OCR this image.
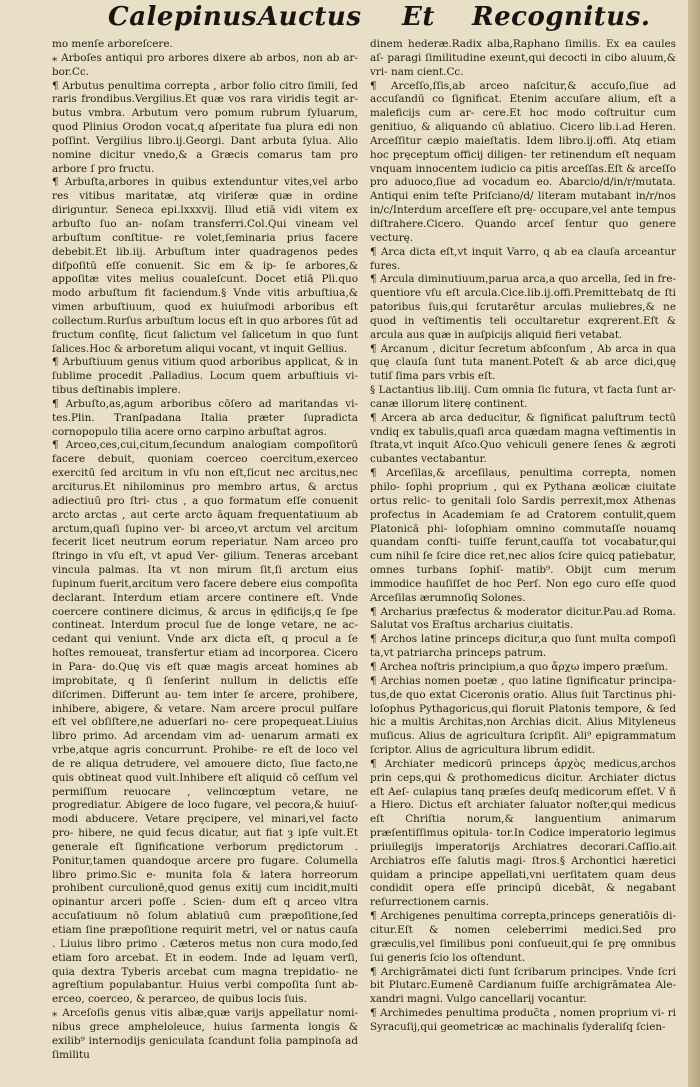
Calepinus Auctus Et Recognitus.

mo menſe arboreſcere.

⁎ Arboſes antiqui pro arbores dixere ab arbos, non ab ar‑ bor.Cc.

¶ Arbutus penultima correpta , arbor folio citro ſimili, ſed raris frondibus.Vergilius.Et quæ vos rara viridis tegit ar‑ butus vmbra. Arbutum vero pomum rubrum ſyluarum, quod Plinius Orodon vocat,q aſperitate fua plura edi non poſſint. Vergilius libro.ij.Georgi. Dant arbuta ſylua. Alio nomine dicitur vnedo,& a Græcis comarus tam pro arbore ſ pro fructu.

¶ Arbuſta,arbores in quibus extenduntur vites,vel arbo res vitibus maritatæ, atq viriſeræ quæ in ordine diriguntur. Seneca epi.lxxxvij. Illud etiā vidi vitem ex arbuſto ſuo an‑ noſam transferri.Col.Qui vineam vel arbuſtum conſtitue‑ re volet,ſeminaria prius facere debebit.Et lib.iij. Arbuſtum inter quadragenos pedes diſpoſitū eſſe conuenit. Sic em & ip‑ ſe arbores,& appoſitæ vites melius coualeſcunt. Docet etiā Pli.quo modo arbuſtum fit faciendum.§ Vnde vitis arbuſtiua,& vimen arbuſtiuum, quod ex huiuſmodi arboribus eſt collectum.Rurſus arbuſtum locus eſt in quo arbores ſūt ad fructum conſitę, ſicut ſalictum vel ſalicetum in quo ſunt ſalices.Hoc & arboretum aliqui vocant, vt inquit Gellius.

¶ Arbuſtiuum genus vitium quod arboribus applicat, & in ſublime procedit .Palladius. Locum quem arbuſtiuis vi‑ tibus deſtinabis implere.

¶ Arbuſto,as,agum arboribus cōſero ad maritandas vi‑ tes.Plin. Tranſpadana Italia præter ſupradicta cornopopulo tilia acere orno carpino arbuſtat agros.

¶ Arceo,ces,cui,citum,ſecundum analogiam compoſitorū facere debuit, quoniam coerceo coercitum,exerceo exercitū ſed arcitum in vſu non eſt,ſicut nec arcitus,nec arciturus.Et nihilominus pro membro artus, & arctus adiectiuū pro ſtri‑ ctus , a quo formatum eſſe conuenit arcto arctas , aut certe arcto āquam frequentatiuum ab arctum,quaſi ſupino ver‑ bi arceo,vt arctum vel arcitum fecerit licet neutrum eorum reperiatur. Nam arceo pro ſtringo in vſu eſt, vt apud Ver‑ gilium. Teneras arcebant vincula palmas. Ita vt non mirum ſit,ſi arctum eius ſupinum fuerit,arcitum vero facere debere eius compoſita declarant. Interdum etiam arcere continere eſt. Vnde coercere continere dicimus, & arcus in ędificijs,q ſe ſpe contineat. Interdum procul ſue de longe vetare, ne ac‑ cedant qui veniunt. Vnde arx dicta eſt, q procul a ſe hoſtes remoueat, transfertur etiam ad incorporea. Cicero in Para‑ do.Quę vis eſt quæ magis arceat homines ab improbitate, q ſi ſenſerint nullum in delictis eſſe diſcrimen. Differunt au‑ tem inter ſe arcere, prohibere, inhibere, abigere, & vetare. Nam arcere procul pulſare eſt vel obſiſtere,ne aduerſari no‑ cere propequeat.Liuius libro primo. Ad arcendam vim ad‑ uenarum armati ex vrbe,atque agris concurrunt. Prohibe‑ re eſt de loco vel de re aliqua detrudere, vel amouere dicto, ſiue facto,ne quis obtineat quod vult.Inhibere eſt aliquid cō ceſſum vel permiſſum reuocare , velincœptum vetare, ne progrediatur. Abigere de loco fugare, vel pecora,& huiuſ‑ modi abducere. Vetare pręcipere, vel minari,vel facto pro‑ hibere, ne quid fecus dicatur, aut fiat ȝ ipſe vult.Et generale eſt ſignificatione verborum prędictorum . Ponitur,tamen quandoque arcere pro fugare. Columella libro primo.Sic e‑ munita fola & latera horreorum prohibent curculionē,quod genus exitij cum incidit,multi opinantur arceri poſſe . Scien‑ dum eſt q arceo vltra accuſatiuum nō ſolum ablatiuū cum præpoſitione,ſed etiam ſine præpoſitione requirit metri, vel or natus cauſa . Liuius libro primo . Cæteros metus non cura modo,ſed etiam foro arcebat. Et in eodem. Inde ad lęuam verſi, quia dextra Tyberis arcebat cum magna trepidatio‑ ne agreſtium populabantur. Huius verbi compoſita ſunt ab‑ erceo, coerceo, & perarceo, de quibus locis ſuis.

⁎ Arceſoſis genus vitis albæ,quæ varijs appellatur nomi‑ nibus grece ampheloleuce, huius ſarmenta longis & exilib⁹ internodijs geniculata ſcandunt folia pampinoſa ad ſimilitu

dinem hederæ.Radix alba,Raphano ſimilis. Ex ea caules aſ‑ paragi ſimilitudine exeunt,qui decocti in cibo aluum,& vri‑ nam cient.Cc.

¶ Arceſſo,ſſis,ab arceo naſcitur,& accuſo,ſiue ad accuſandū co ſignificat. Etenim accuſare alium, eſt a maleficijs cum ar‑ cere.Et hoc modo coſtruitur cum genitiuo, & aliquando cū ablatiuo. Cicero lib.i.ad Heren. Arceſſitur cæpio maieſtatis. Idem libro.ij.offi. Atq etiam hoc pręceptum officij diligen‑ ter retinendum eſt nequam vnquam innocentem iudicio ca pitis arceſſas.Eſt & arceſſo pro aduoco,ſiue ad vocadum eo. Abarcio/d/in/r/mutata. Antiqui enim teſte Priſciano/d/ literam mutabant in/r/nos in/c/Interdum arceſſere eſt prę‑ occupare,vel ante tempus diſtrahere.Cicero. Quando arceſ ſentur quo genere vecturę.

¶ Arca dicta eſt,vt inquit Varro, q ab ea clauſa arceantur fures.

¶ Arcula diminutiuum,parua arca,a quo arcella, ſed in fre‑ quentiore vſu eſt arcula.Cice.lib.ij.offi.Premittebatq de ſti patoribus ſuis,qui ſcrutarētur arculas muliebres,& ne quod in veſtimentis teli occultaretur exqrerent.Eſt & arcula aus quæ in auſpicijs aliquid fieri vetabat.

¶ Arcanum , dicitur ſecretum abſconſum , Ab arca in qua quę clauſa ſunt tuta manent.Poteſt & ab arce dici,quę tutiſ ſima pars vrbis eſt.

§ Lactantius lib.iiij. Cum omnia ſic futura, vt facta ſunt ar‑ canæ illorum literę continent.

¶ Arcera ab arca deducitur, & ſignificat paluſtrum tectū vndiq ex tabulis,quaſi arca quædam magna veſtimentis in ſtrata,vt inquit Aſco.Quo vehiculi genere ſenes & ægroti cubantes vectabantur.

¶ Arceſilas,& arceſilaus, penultima correpta, nomen philo‑ ſophi proprium , qui ex Pythana æolicæ ciuitate ortus relic‑ to genitali ſolo Sardis perrexit,mox Athenas profectus in Academiam ſe ad Cratorem contulit,quem Platonicā phi‑ loſophiam omnino commutaſſe nouamq quandam conſti‑ tuiſſe ferunt,cauſſa tot vocabatur,qui cum nihil ſe ſcire dice ret,nec alios ſcire quicq patiebatur, omnes turbans ſophiſ‑ matib⁹. Obijt cum merum immodice hauſiſſet de hoc Perſ. Non ego curo eſſe quod Arceſilas ærumnoſiq Solones.

¶ Archarius præfectus & moderator dicitur.Pau.ad Roma. Salutat vos Eraſtus archarius ciuitatis.

¶ Archos latine princeps dicitur,a quo ſunt multa compoſi ta,vt patriarcha princeps patrum.

¶ Archea noſtris principium,a quo ἄρχω impero præſum.

¶ Archias nomen poetæ , quo latine ſignificatur principa‑ tus,de quo extat Ciceronis oratio. Alius ſuit Tarctinus phi‑ loſophus Pythagoricus,qui floruit Platonis tempore, & ſed hic a multis Architas,non Archias dicit. Alius Mityleneus muſicus. Alius de agricultura ſcripſit. Ali⁹ epigrammatum ſcriptor. Alius de agricultura librum edidit.

¶ Archiater medicorū princeps ἀρχὸς medicus,archos prin ceps,qui & prothomedicus dicitur. Archiater dictus eſt Aeſ‑ culapius tanq præſes deuſq medicorum eſſet. V ñ a Hiero. Dictus eſt archiater ſaluator noſter,qui medicus eſt Chriſtia norum,& languentium animarum præſentiſſimus opitula‑ tor.In Codice imperatorio legimus priuilegijs imperatorijs Archiatres decorari.Caſſio.ait Archiatros eſſe ſalutis magi‑ ſtros.§ Archontici hæretici quidam a principe appellati,vni uerſitatem quam deus condidit opera eſſe principū dicebāt, & negabant reſurrectionem carnis.

¶ Archigenes penultima correpta,princeps generatiōis di‑ citur.Eſt & nomen celeberrimi medici.Sed pro græculis,vel ſimilibus poni conſueuit,qui ſe prę omnibus ſui generis ſcio los oſtendunt.

¶ Archigrāmatei dicti ſunt ſcribarum principes. Vnde ſcri bit Plutarc.Eumenē Cardianum fuiſſe archigrāmatea Ale‑ xandri magni. Vulgo cancellarij vocantur.

¶ Archimedes penultima produc̄ta , nomen proprium vi‑ ri Syracuſij,qui geometricæ ac machinalis ſyderaliſq ſcien‑
